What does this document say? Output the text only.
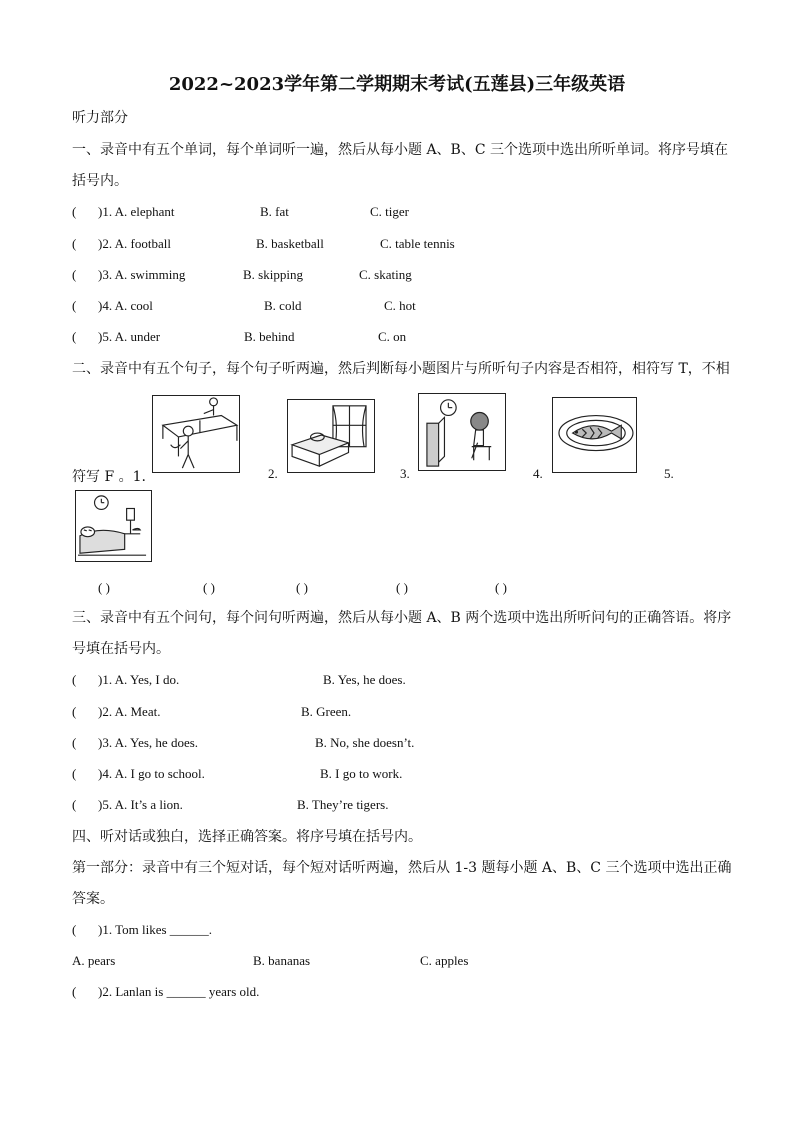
2022~2023学年第二学期期末考试(五莲县)三年级英语
听力部分
一、录音中有五个单词，每个单词听一遍，然后从每小题 A、B、C 三个选项中选出所听单词。将序号填在
括号内。
( )1. A. elephant	B. fat	C. tiger
( )2. A. football	B. basketball	C. table tennis
( )3. A. swimming	B. skipping	C. skating
( )4. A. cool	B. cold	C. hot
( )5. A. under	B. behind	C. on
二、录音中有五个句子，每个句子听两遍，然后判断每小题图片与所听句子内容是否相符，相符写 T，不相
符写 F 。1.	2.	3.	4.	5.
( )	( )	( )	( )	( )
三、录音中有五个问句，每个问句听两遍，然后从每小题 A、B 两个选项中选出所听问句的正确答语。将序
号填在括号内。
( )1. A. Yes, I do.	B. Yes, he does.
( )2. A. Meat.	B. Green.
( )3. A. Yes, he does.	B. No, she doesn’t.
( )4. A. I go to school.	B. I go to work.
( )5. A. It’s a lion.	B. They’re tigers.
四、听对话或独白，选择正确答案。将序号填在括号内。
第一部分：录音中有三个短对话，每个短对话听两遍，然后从 1-3 题每小题 A、B、C 三个选项中选出正确
答案。
( )1. Tom likes ______.
A. pears	B. bananas	C. apples
( )2. Lanlan is ______ years old.
